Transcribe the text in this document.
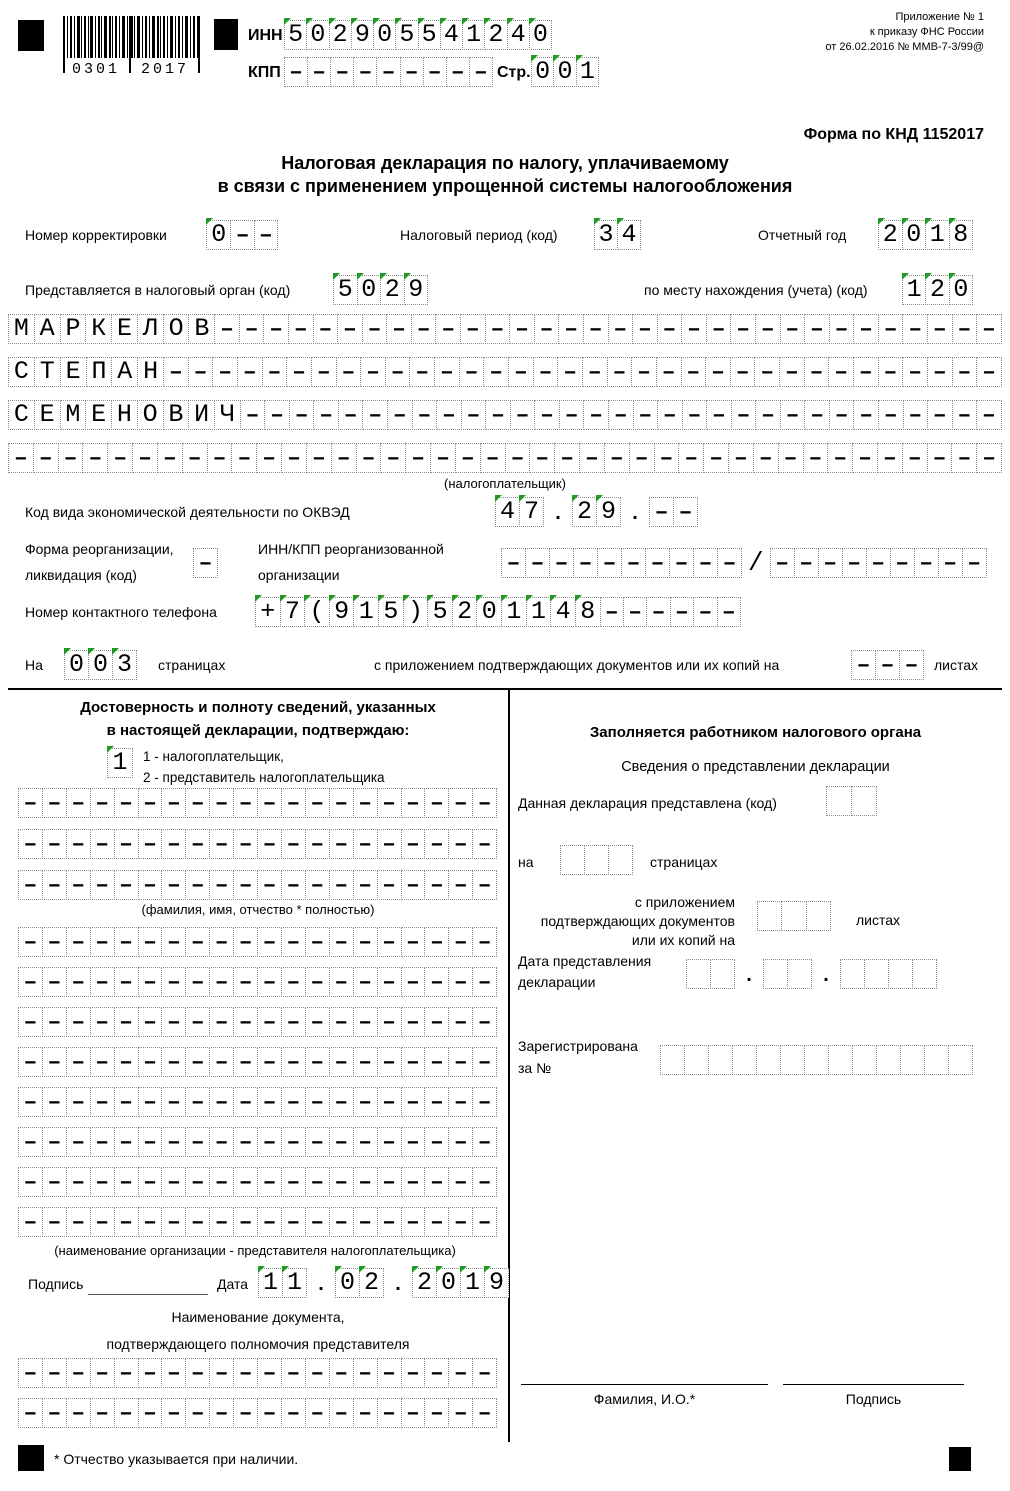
0301 2017
ИНН 5 0 2 9 0 5 5 4 1 2 4 0
КПП – – – – – – – – – Стр. 0 0 1
Приложение № 1
к приказу ФНС России
от 26.02.2016 № ММВ-7-3/99@
Форма по КНД 1152017
Налоговая декларация по налогу, уплачиваемому
в связи с применением упрощенной системы налогообложения
Номер корректировки 0 – –	Налоговый период (код) 3 4	Отчетный год 2 0 1 8
Представляется в налоговый орган (код) 5 0 2 9	по месту нахождения (учета) (код) 1 2 0
М А Р К Е Л О В – – – – – – – – – – – – – – – – – – – – – – – – – – – – – – – –
С Т Е П А Н – – – – – – – – – – – – – – – – – – – – – – – – – – – – – – – – – –
С Е М Е Н О В И Ч – – – – – – – – – – – – – – – – – – – – – – – – – – – – – – –
– – – – – – – – – – – – – – – – – – – – – – – – – – – – – – – – – – – – – – – –
(налогоплательщик)
Код вида экономической деятельности по ОКВЭД	4 7 . 2 9 . – –
Форма реорганизации,
ликвидация (код)	–
ИНН/КПП реорганизованной
организации	– – – – – – – – – – / – – – – – – – – –
Номер контактного телефона + 7 ( 9 1 5 ) 5 2 0 1 1 4 8 – – – – – –
На 0 0 3	страницах	с приложением подтверждающих документов или их копий на	– – –	листах
Достоверность и полноту сведений, указанных
в настоящей декларации, подтверждаю:
1	1 - налогоплательщик,
2 - представитель налогоплательщика
– – – – – – – – – – – – – – – – – – – –
– – – – – – – – – – – – – – – – – – – –
– – – – – – – – – – – – – – – – – – – –
(фамилия, имя, отчество * полностью)
– – – – – – – – – – – – – – – – – – – –
– – – – – – – – – – – – – – – – – – – –
– – – – – – – – – – – – – – – – – – – –
– – – – – – – – – – – – – – – – – – – –
– – – – – – – – – – – – – – – – – – – –
– – – – – – – – – – – – – – – – – – – –
– – – – – – – – – – – – – – – – – – – –
– – – – – – – – – – – – – – – – – – – –
(наименование организации - представителя налогоплательщика)
Подпись	Дата 1 1 . 0 2 . 2 0 1 9
Наименование документа,
подтверждающего полномочия представителя
– – – – – – – – – – – – – – – – – – – –
– – – – – – – – – – – – – – – – – – – –
* Отчество указывается при наличии.
Заполняется работником налогового органа
Сведения о представлении декларации
Данная декларация представлена (код)

на

	страницах
с приложением
подтверждающих документов
или их копий на

листах
Дата представления
декларации

	.

	.

Зарегистрирована
за №

Фамилия, И.О.*	Подпись
